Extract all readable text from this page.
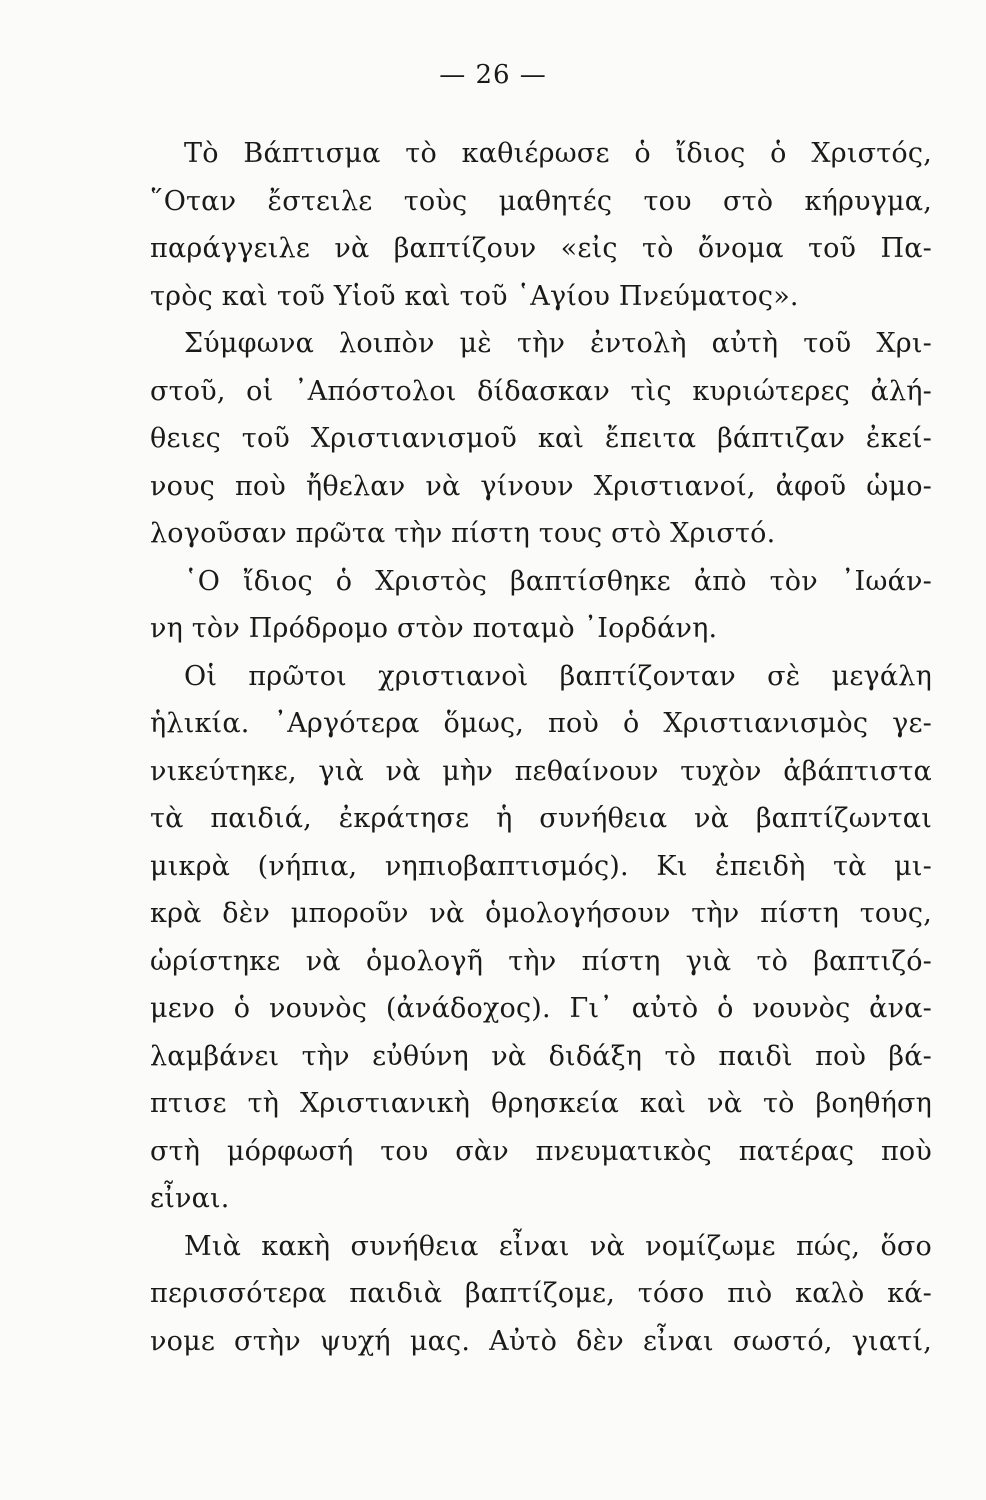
— 26 —
Τὸ Βάπτισμα τὸ καθιέρωσε ὁ ἴδιος ὁ Χριστός,
῞Οταν ἔστειλε τοὺς μαθητές του στὸ κήρυγμα,
παράγγειλε νὰ βαπτίζουν «εἰς τὸ ὄνομα τοῦ Πα-
τρὸς καὶ τοῦ Υἱοῦ καὶ τοῦ ῾Αγίου Πνεύματος».
Σύμφωνα λοιπὸν μὲ τὴν ἐντολὴ αὐτὴ τοῦ Χρι-
στοῦ, οἱ ᾿Απόστολοι δίδασκαν τὶς κυριώτερες ἀλή-
θειες τοῦ Χριστιανισμοῦ καὶ ἔπειτα βάπτιζαν ἐκεί-
νους ποὺ ἤθελαν νὰ γίνουν Χριστιανοί, ἀφοῦ ὡμο-
λογοῦσαν πρῶτα τὴν πίστη τους στὸ Χριστό.
῾Ο ἴδιος ὁ Χριστὸς βαπτίσθηκε ἀπὸ τὸν ᾿Ιωάν-
νη τὸν Πρόδρομο στὸν ποταμὸ ᾿Ιορδάνη.
Οἱ πρῶτοι χριστιανοὶ βαπτίζονταν σὲ μεγάλη
ἡλικία. ᾿Αργότερα ὅμως, ποὺ ὁ Χριστιανισμὸς γε-
νικεύτηκε, γιὰ νὰ μὴν πεθαίνουν τυχὸν ἀβάπτιστα
τὰ παιδιά, ἐκράτησε ἡ συνήθεια νὰ βαπτίζωνται
μικρὰ (νήπια, νηπιοβαπτισμός). Κι ἐπειδὴ τὰ μι-
κρὰ δὲν μποροῦν νὰ ὁμολογήσουν τὴν πίστη τους,
ὡρίστηκε νὰ ὁμολογῆ τὴν πίστη γιὰ τὸ βαπτιζό-
μενο ὁ νουνὸς (ἀνάδοχος). Γι᾿ αὐτὸ ὁ νουνὸς ἀνα-
λαμβάνει τὴν εὐθύνη νὰ διδάξη τὸ παιδὶ ποὺ βά-
πτισε τὴ Χριστιανικὴ θρησκεία καὶ νὰ τὸ βοηθήση
στὴ μόρφωσή του σὰν πνευματικὸς πατέρας ποὺ
εἶναι.
Μιὰ κακὴ συνήθεια εἶναι νὰ νομίζωμε πώς, ὅσο
περισσότερα παιδιὰ βαπτίζομε, τόσο πιὸ καλὸ κά-
νομε στὴν ψυχή μας. Αὐτὸ δὲν εἶναι σωστό, γιατί,
